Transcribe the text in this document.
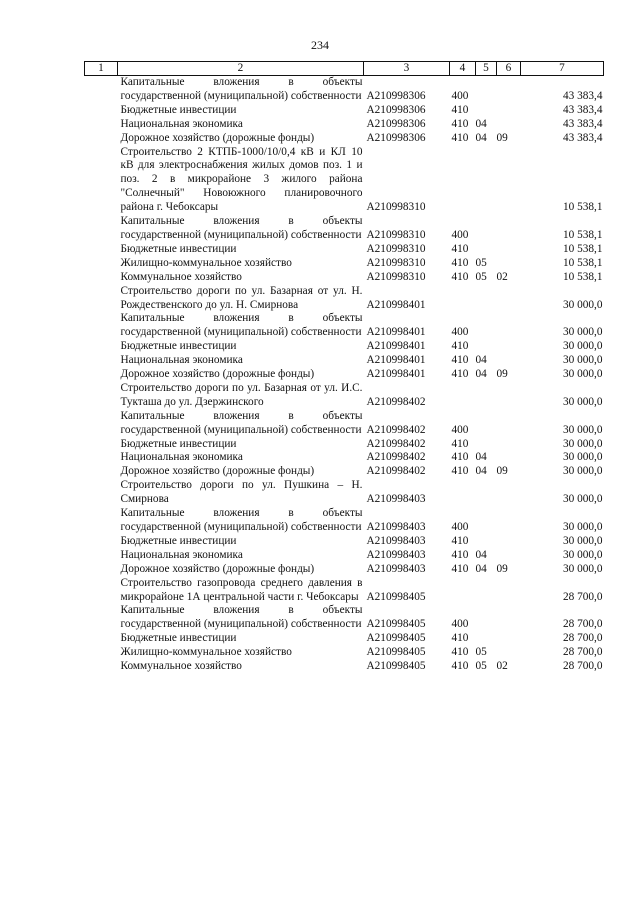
234
1	2	3	4	5	6	7
	Капитальные вложения в объекты государственной (муниципальной) собственности	А210998306	400			43 383,4
	Бюджетные инвестиции	А210998306	410			43 383,4
	Национальная экономика	А210998306	410	04		43 383,4
	Дорожное хозяйство (дорожные фонды)	А210998306	410	04	09	43 383,4
	Строительство 2 КТПБ-1000/10/0,4 кВ и КЛ 10 кВ для электроснабжения жилых домов поз. 1 и поз. 2 в микрорайоне 3 жилого района "Солнечный" Новоюжного планировочного района г. Чебоксары	А210998310				10 538,1
	Капитальные вложения в объекты государственной (муниципальной) собственности	А210998310	400			10 538,1
	Бюджетные инвестиции	А210998310	410			10 538,1
	Жилищно-коммунальное хозяйство	А210998310	410	05		10 538,1
	Коммунальное хозяйство	А210998310	410	05	02	10 538,1
	Строительство дороги по ул. Базарная от ул. Н. Рождественского до ул. Н. Смирнова	А210998401				30 000,0
	Капитальные вложения в объекты государственной (муниципальной) собственности	А210998401	400			30 000,0
	Бюджетные инвестиции	А210998401	410			30 000,0
	Национальная экономика	А210998401	410	04		30 000,0
	Дорожное хозяйство (дорожные фонды)	А210998401	410	04	09	30 000,0
	Строительство дороги по ул. Базарная от ул. И.С. Тукташа до ул. Дзержинского	А210998402				30 000,0
	Капитальные вложения в объекты государственной (муниципальной) собственности	А210998402	400			30 000,0
	Бюджетные инвестиции	А210998402	410			30 000,0
	Национальная экономика	А210998402	410	04		30 000,0
	Дорожное хозяйство (дорожные фонды)	А210998402	410	04	09	30 000,0
	Строительство дороги по ул. Пушкина – Н. Смирнова	А210998403				30 000,0
	Капитальные вложения в объекты государственной (муниципальной) собственности	А210998403	400			30 000,0
	Бюджетные инвестиции	А210998403	410			30 000,0
	Национальная экономика	А210998403	410	04		30 000,0
	Дорожное хозяйство (дорожные фонды)	А210998403	410	04	09	30 000,0
	Строительство газопровода среднего давления в микрорайоне 1А центральной части г. Чебоксары	А210998405				28 700,0
	Капитальные вложения в объекты государственной (муниципальной) собственности	А210998405	400			28 700,0
	Бюджетные инвестиции	А210998405	410			28 700,0
	Жилищно-коммунальное хозяйство	А210998405	410	05		28 700,0
	Коммунальное хозяйство	А210998405	410	05	02	28 700,0
